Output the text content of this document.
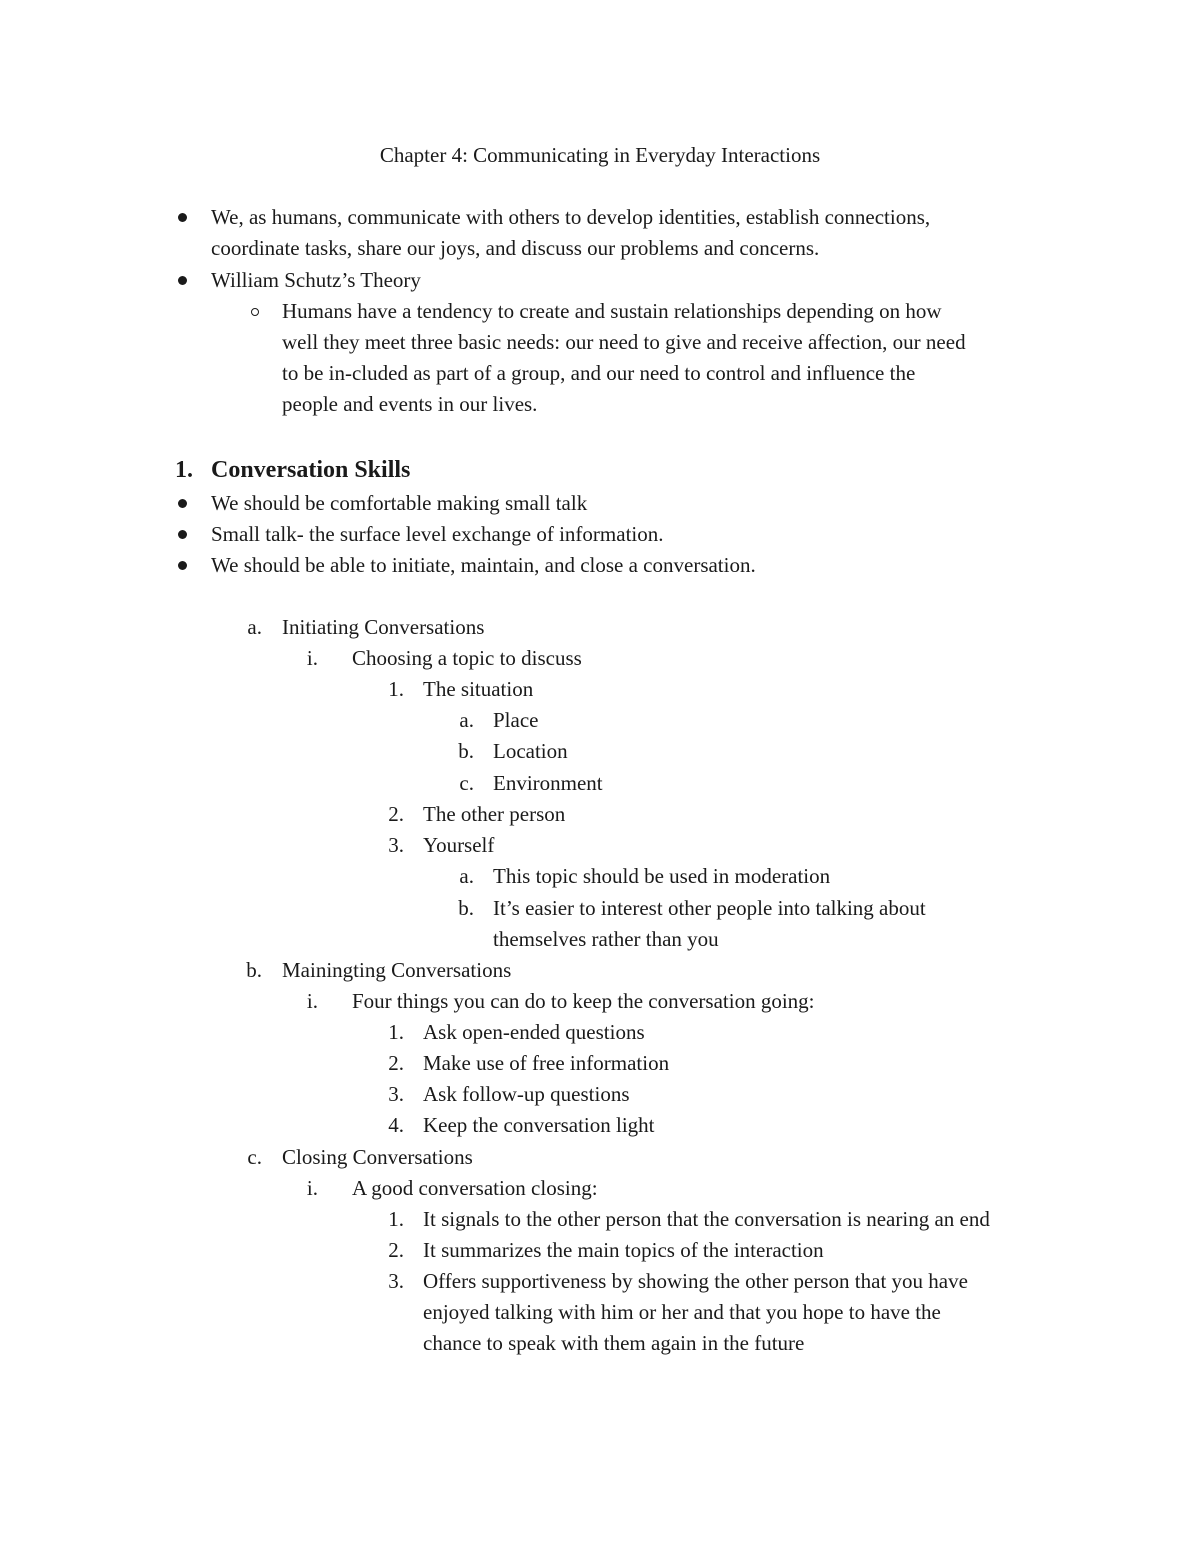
Chapter 4: Communicating in Everyday Interactions

We, as humans, communicate with others to develop identities, establish connections,

coordinate tasks, share our joys, and discuss our problems and concerns.

William Schutz’s Theory

Humans have a tendency to create and sustain relationships depending on how

well they meet three basic needs: our need to give and receive affection, our need

to be in-cluded as part of a group, and our need to control and influence the

people and events in our lives.

1. Conversation Skills

We should be comfortable making small talk

Small talk- the surface level exchange of information.

We should be able to initiate, maintain, and close a conversation.

a. Initiating Conversations

i. Choosing a topic to discuss

1. The situation

a. Place

b. Location

c. Environment

2. The other person

3. Yourself

a. This topic should be used in moderation

b. It’s easier to interest other people into talking about

themselves rather than you

b. Mainingting Conversations

i. Four things you can do to keep the conversation going:

1. Ask open-ended questions

2. Make use of free information

3. Ask follow-up questions

4. Keep the conversation light

c. Closing Conversations

i. A good conversation closing:

1. It signals to the other person that the conversation is nearing an end

2. It summarizes the main topics of the interaction

3. Offers supportiveness by showing the other person that you have

enjoyed talking with him or her and that you hope to have the

chance to speak with them again in the future
